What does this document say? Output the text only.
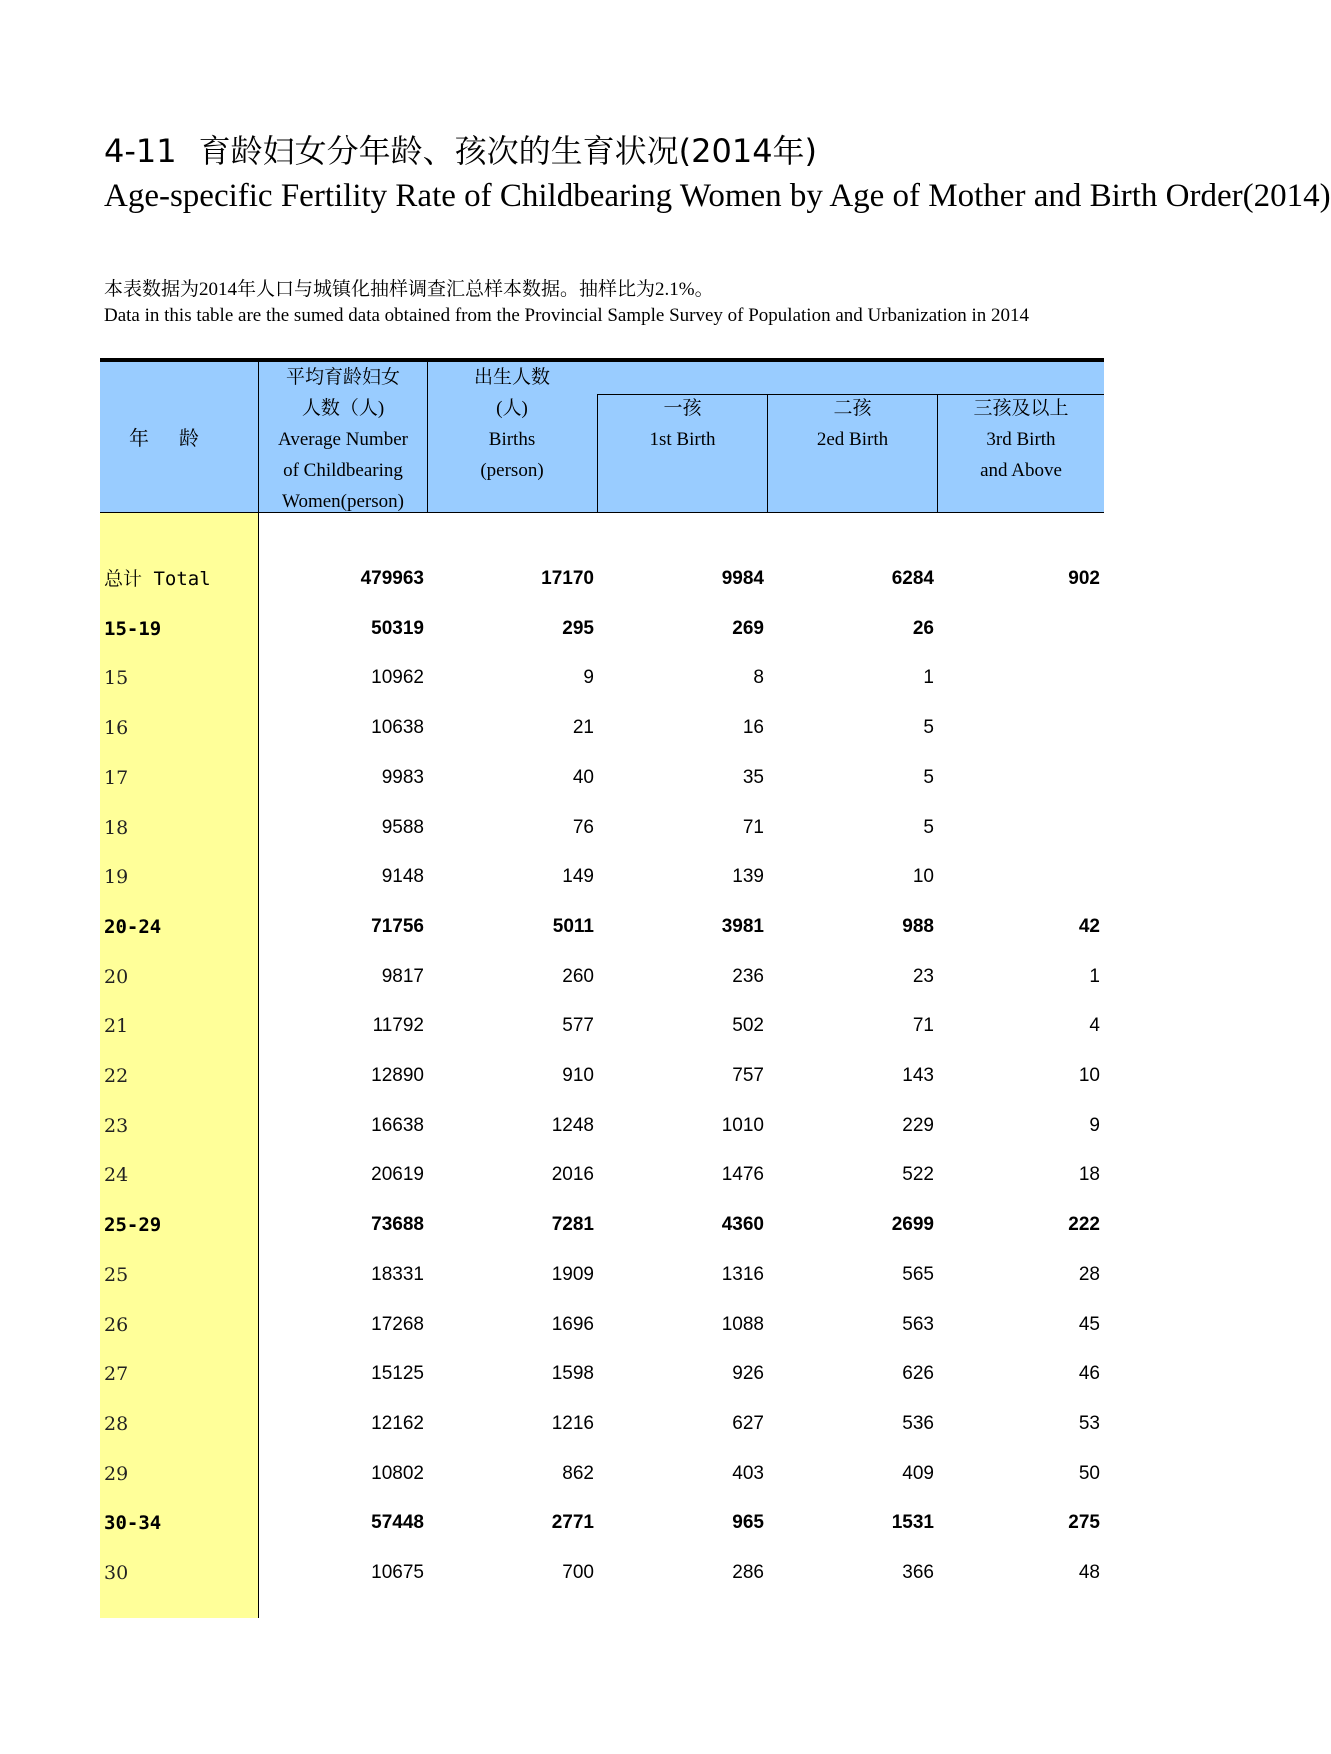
4-11 育龄妇女分年龄、孩次的生育状况(2014年)
Age-specific Fertility Rate of Childbearing Women by Age of Mother and Birth Order(2014)
本表数据为2014年人口与城镇化抽样调查汇总样本数据。抽样比为2.1%。
Data in this table are the sumed data obtained from the Provincial Sample Survey of Population and Urbanization in 2014
年龄
平均育龄妇女
人数（人)
Average Number
of Childbearing
Women(person)
出生人数
(人)
Births
(person)
一孩
1st Birth
二孩
2ed Birth
三孩及以上
3rd Birth
and Above
总计 Total	479963	17170	9984	6284	902
15-19	50319	295	269	26
15	10962	9	8	1
16	10638	21	16	5
17	9983	40	35	5
18	9588	76	71	5
19	9148	149	139	10
20-24	71756	5011	3981	988	42
20	9817	260	236	23	1
21	11792	577	502	71	4
22	12890	910	757	143	10
23	16638	1248	1010	229	9
24	20619	2016	1476	522	18
25-29	73688	7281	4360	2699	222
25	18331	1909	1316	565	28
26	17268	1696	1088	563	45
27	15125	1598	926	626	46
28	12162	1216	627	536	53
29	10802	862	403	409	50
30-34	57448	2771	965	1531	275
30	10675	700	286	366	48
